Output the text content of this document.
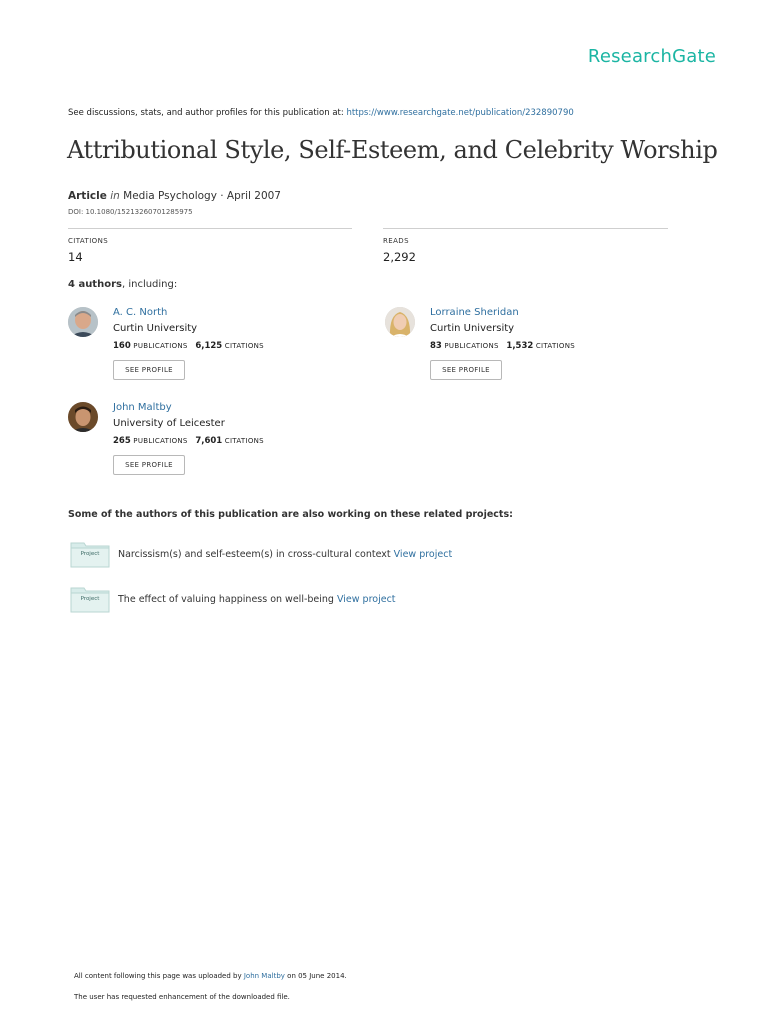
ResearchGate
See discussions, stats, and author profiles for this publication at: https://www.researchgate.net/publication/232890790
Attributional Style, Self-Esteem, and Celebrity Worship
Article in Media Psychology · April 2007
DOI: 10.1080/15213260701285975
CITATIONS
14
READS
2,292
4 authors, including:
A. C. North
Curtin University
160 PUBLICATIONS 6,125 CITATIONS
SEE PROFILE
Lorraine Sheridan
Curtin University
83 PUBLICATIONS 1,532 CITATIONS
SEE PROFILE
John Maltby
University of Leicester
265 PUBLICATIONS 7,601 CITATIONS
SEE PROFILE
Some of the authors of this publication are also working on these related projects:
Project	Narcissism(s) and self-esteem(s) in cross-cultural context View project
Project	The effect of valuing happiness on well-being View project
All content following this page was uploaded by John Maltby on 05 June 2014.
The user has requested enhancement of the downloaded file.
